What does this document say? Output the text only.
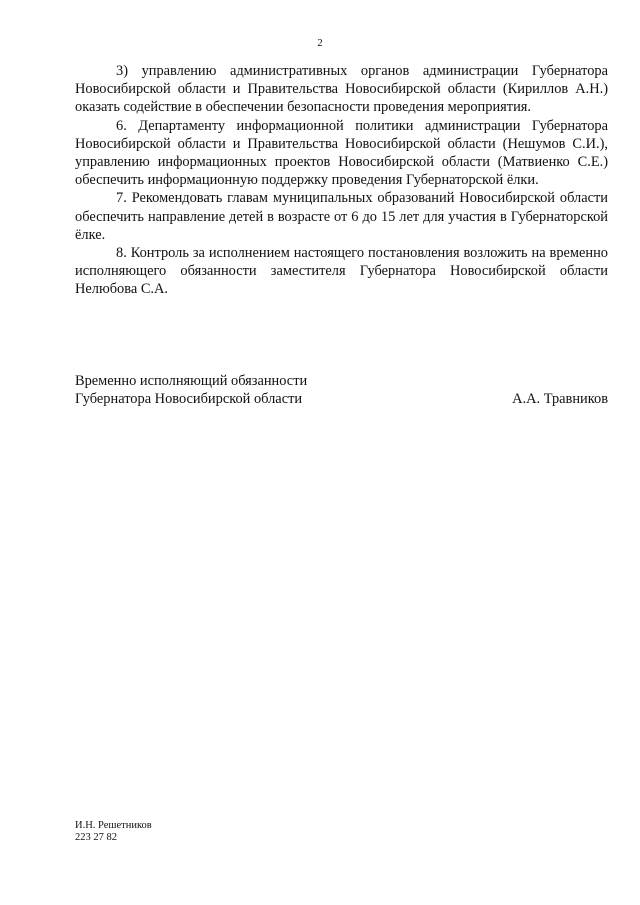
2

3) управлению административных органов администрации Губернатора Новосибирской области и Правительства Новосибирской области (Кириллов А.Н.) оказать содействие в обеспечении безопасности проведения мероприятия.

6. Департаменту информационной политики администрации Губернатора Новосибирской области и Правительства Новосибирской области (Нешумов С.И.), управлению информационных проектов Новосибирской области (Матвиенко С.Е.) обеспечить информационную поддержку проведения Губернаторской ёлки.

7. Рекомендовать главам муниципальных образований Новосибирской области обеспечить направление детей в возрасте от 6 до 15 лет для участия в Губернаторской ёлке.

8. Контроль за исполнением настоящего постановления возложить на временно исполняющего обязанности заместителя Губернатора Новосибирской области Нелюбова С.А.

Временно исполняющий обязанности
Губернатора Новосибирской области	А.А. Травников
И.Н. Решетников
223 27 82
